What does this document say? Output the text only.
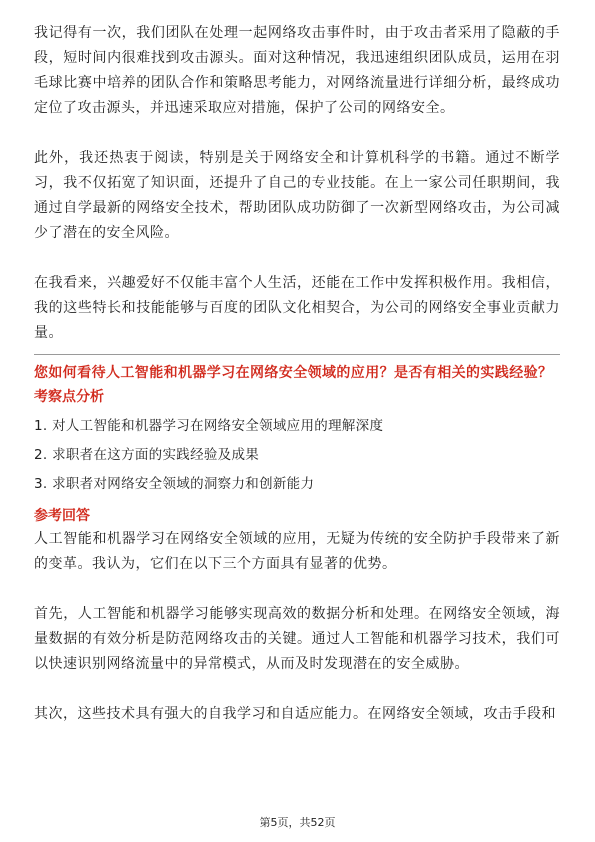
我记得有一次，我们团队在处理一起网络攻击事件时，由于攻击者采用了隐蔽的手段，短时间内很难找到攻击源头。面对这种情况，我迅速组织团队成员，运用在羽毛球比赛中培养的团队合作和策略思考能力，对网络流量进行详细分析，最终成功定位了攻击源头，并迅速采取应对措施，保护了公司的网络安全。

此外，我还热衷于阅读，特别是关于网络安全和计算机科学的书籍。通过不断学习，我不仅拓宽了知识面，还提升了自己的专业技能。在上一家公司任职期间，我通过自学最新的网络安全技术，帮助团队成功防御了一次新型网络攻击，为公司减少了潜在的安全风险。

在我看来，兴趣爱好不仅能丰富个人生活，还能在工作中发挥积极作用。我相信，我的这些特长和技能能够与百度的团队文化相契合，为公司的网络安全事业贡献力量。

您如何看待人工智能和机器学习在网络安全领域的应用？是否有相关的实践经验？

考察点分析

1. 对人工智能和机器学习在网络安全领域应用的理解深度
2. 求职者在这方面的实践经验及成果
3. 求职者对网络安全领域的洞察力和创新能力

参考回答

人工智能和机器学习在网络安全领域的应用，无疑为传统的安全防护手段带来了新的变革。我认为，它们在以下三个方面具有显著的优势。

首先，人工智能和机器学习能够实现高效的数据分析和处理。在网络安全领域，海量数据的有效分析是防范网络攻击的关键。通过人工智能和机器学习技术，我们可以快速识别网络流量中的异常模式，从而及时发现潜在的安全威胁。

其次，这些技术具有强大的自我学习和自适应能力。在网络安全领域，攻击手段和

第5页，共52页
